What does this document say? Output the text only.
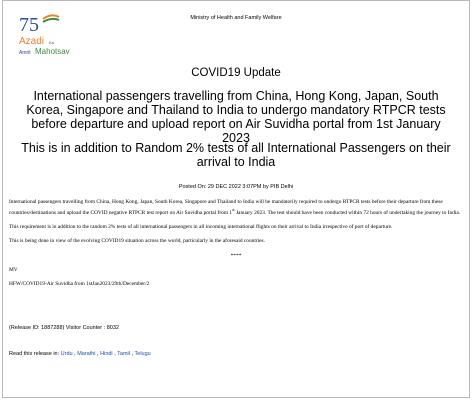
75
Azadi Ka
Amrit Mahotsav
Ministry of Health and Family Welfare
COVID19 Update
International passengers travelling from China, Hong Kong, Japan, South Korea, Singapore and Thailand to India to undergo mandatory RTPCR tests before departure and upload report on Air Suvidha portal from 1st January 2023
This is in addition to Random 2% tests of all International Passengers on their arrival to India
Posted On: 29 DEC 2022 3:07PM by PIB Delhi

International passengers travelling from China, Hong Kong, Japan, South Korea, Singapore and Thailand to India will be mandatorily required to undergo RTPCR tests before their departure from these countries/destinations and upload the COVID negative RTPCR test report on Air Suvidha portal from 1st January 2023. The test should have been conducted within 72 hours of undertaking the journey to India.

This requirement is in addition to the random 2% tests of all international passengers in all incoming international flights on their arrival to India irrespective of port of departure.

This is being done in view of the evolving COVID19 situation across the world, particularly in the aforesaid countries.

****

MV

HFW/COVID19-Air Suvidha from 1stJan2023/29th/December/2

(Release ID: 1887288) Visitor Counter : 8032
Read this release in: Urdu , Marathi , Hindi , Tamil , Telugu
